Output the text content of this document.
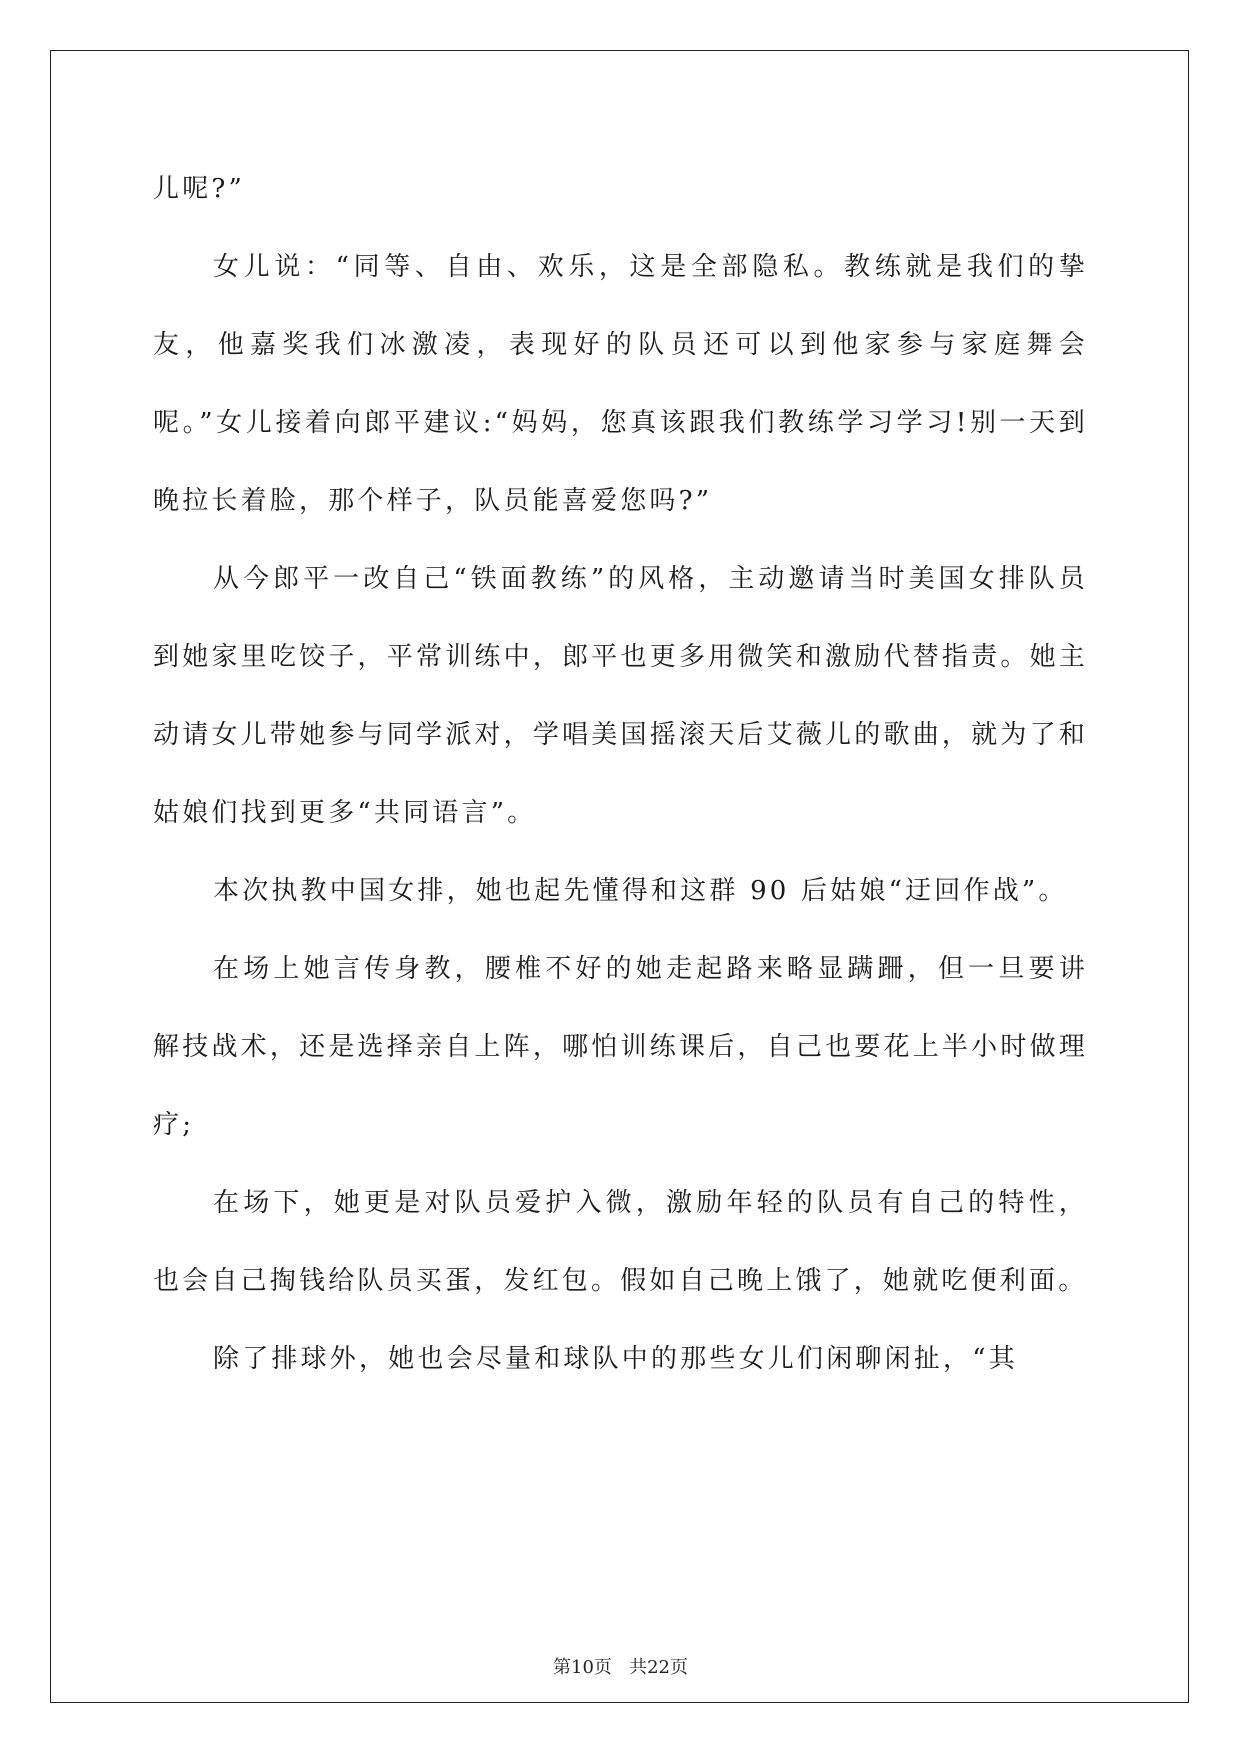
儿呢?”

女儿说：“同等、自由、欢乐，这是全部隐私。教练就是我们的挚友，他嘉奖我们冰激凌，表现好的队员还可以到他家参与家庭舞会呢。”女儿接着向郎平建议:“妈妈，您真该跟我们教练学习学习!别一天到晚拉长着脸，那个样子，队员能喜爱您吗?”

从今郎平一改自己“铁面教练”的风格，主动邀请当时美国女排队员到她家里吃饺子，平常训练中，郎平也更多用微笑和激励代替指责。她主动请女儿带她参与同学派对，学唱美国摇滚天后艾薇儿的歌曲，就为了和姑娘们找到更多“共同语言”。

本次执教中国女排，她也起先懂得和这群 90 后姑娘“迂回作战”。

在场上她言传身教，腰椎不好的她走起路来略显蹒跚，但一旦要讲解技战术，还是选择亲自上阵，哪怕训练课后，自己也要花上半小时做理疗;

在场下，她更是对队员爱护入微，激励年轻的队员有自己的特性，也会自己掏钱给队员买蛋，发红包。假如自己晚上饿了，她就吃便利面。

除了排球外，她也会尽量和球队中的那些女儿们闲聊闲扯，“其

第10页   共22页
